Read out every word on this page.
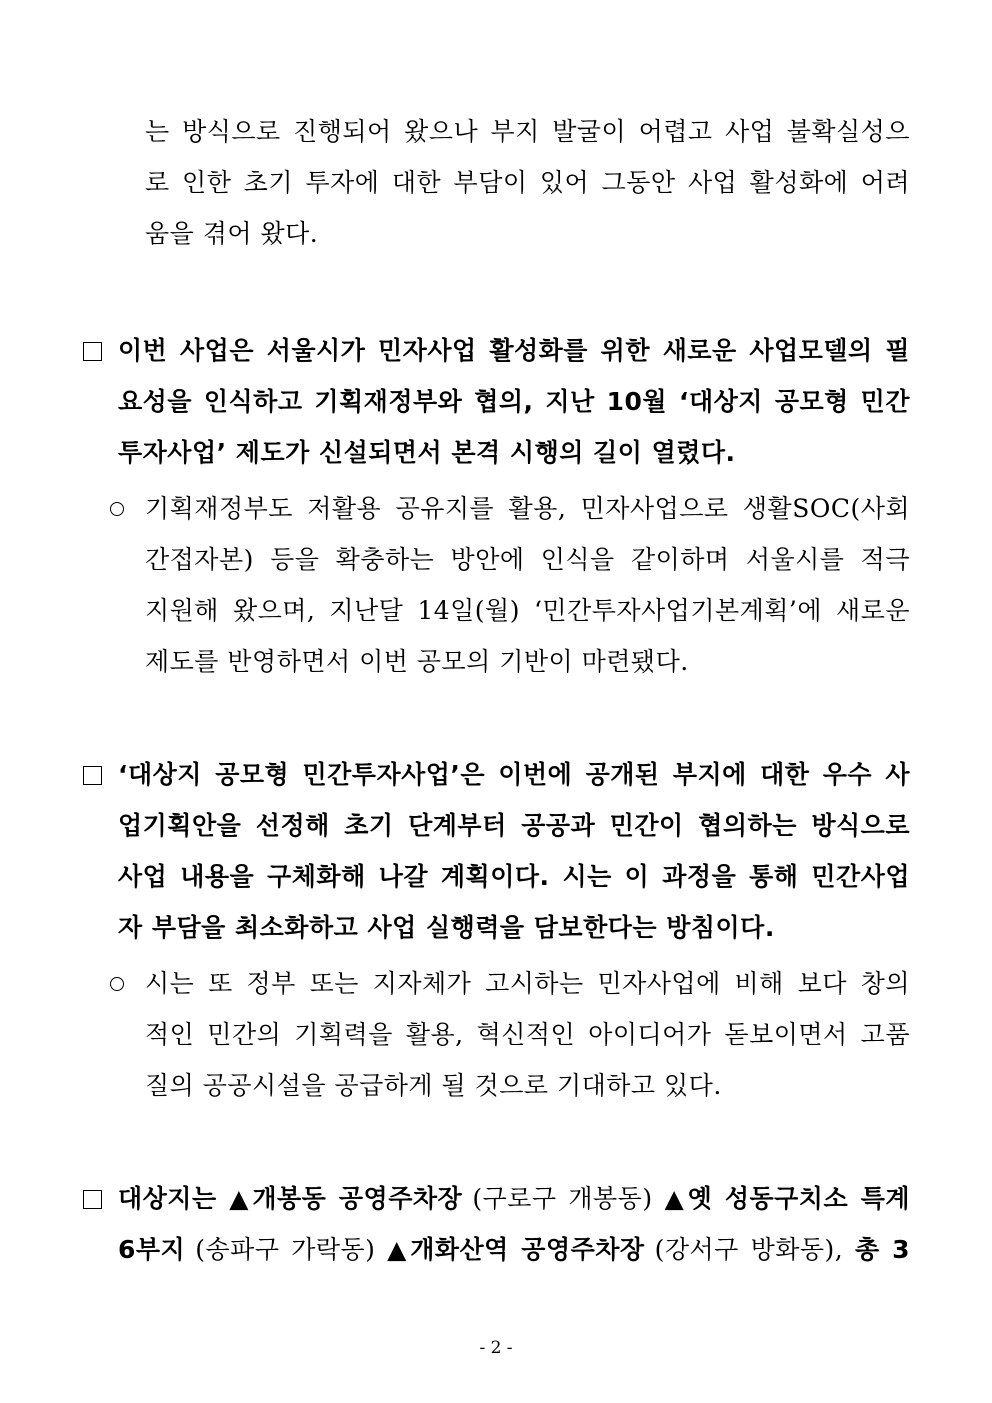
는 방식으로 진행되어 왔으나 부지 발굴이 어렵고 사업 불확실성으
로 인한 초기 투자에 대한 부담이 있어 그동안 사업 활성화에 어려
움을 겪어 왔다.
이번 사업은 서울시가 민자사업 활성화를 위한 새로운 사업모델의 필
요성을 인식하고 기획재정부와 협의, 지난 10월 ‘대상지 공모형 민간
투자사업’ 제도가 신설되면서 본격 시행의 길이 열렸다.
기획재정부도 저활용 공유지를 활용, 민자사업으로 생활SOC(사회
간접자본) 등을 확충하는 방안에 인식을 같이하며 서울시를 적극
지원해 왔으며, 지난달 14일(월) ‘민간투자사업기본계획’에 새로운
제도를 반영하면서 이번 공모의 기반이 마련됐다.
‘대상지 공모형 민간투자사업’은 이번에 공개된 부지에 대한 우수 사
업기획안을 선정해 초기 단계부터 공공과 민간이 협의하는 방식으로
사업 내용을 구체화해 나갈 계획이다. 시는 이 과정을 통해 민간사업
자 부담을 최소화하고 사업 실행력을 담보한다는 방침이다.
시는 또 정부 또는 지자체가 고시하는 민자사업에 비해 보다 창의
적인 민간의 기획력을 활용, 혁신적인 아이디어가 돋보이면서 고품
질의 공공시설을 공급하게 될 것으로 기대하고 있다.
대상지는 ▲개봉동 공영주차장 (구로구 개봉동) ▲옛 성동구치소 특계
6부지 (송파구 가락동) ▲개화산역 공영주차장 (강서구 방화동), 총 3
- 2 -
